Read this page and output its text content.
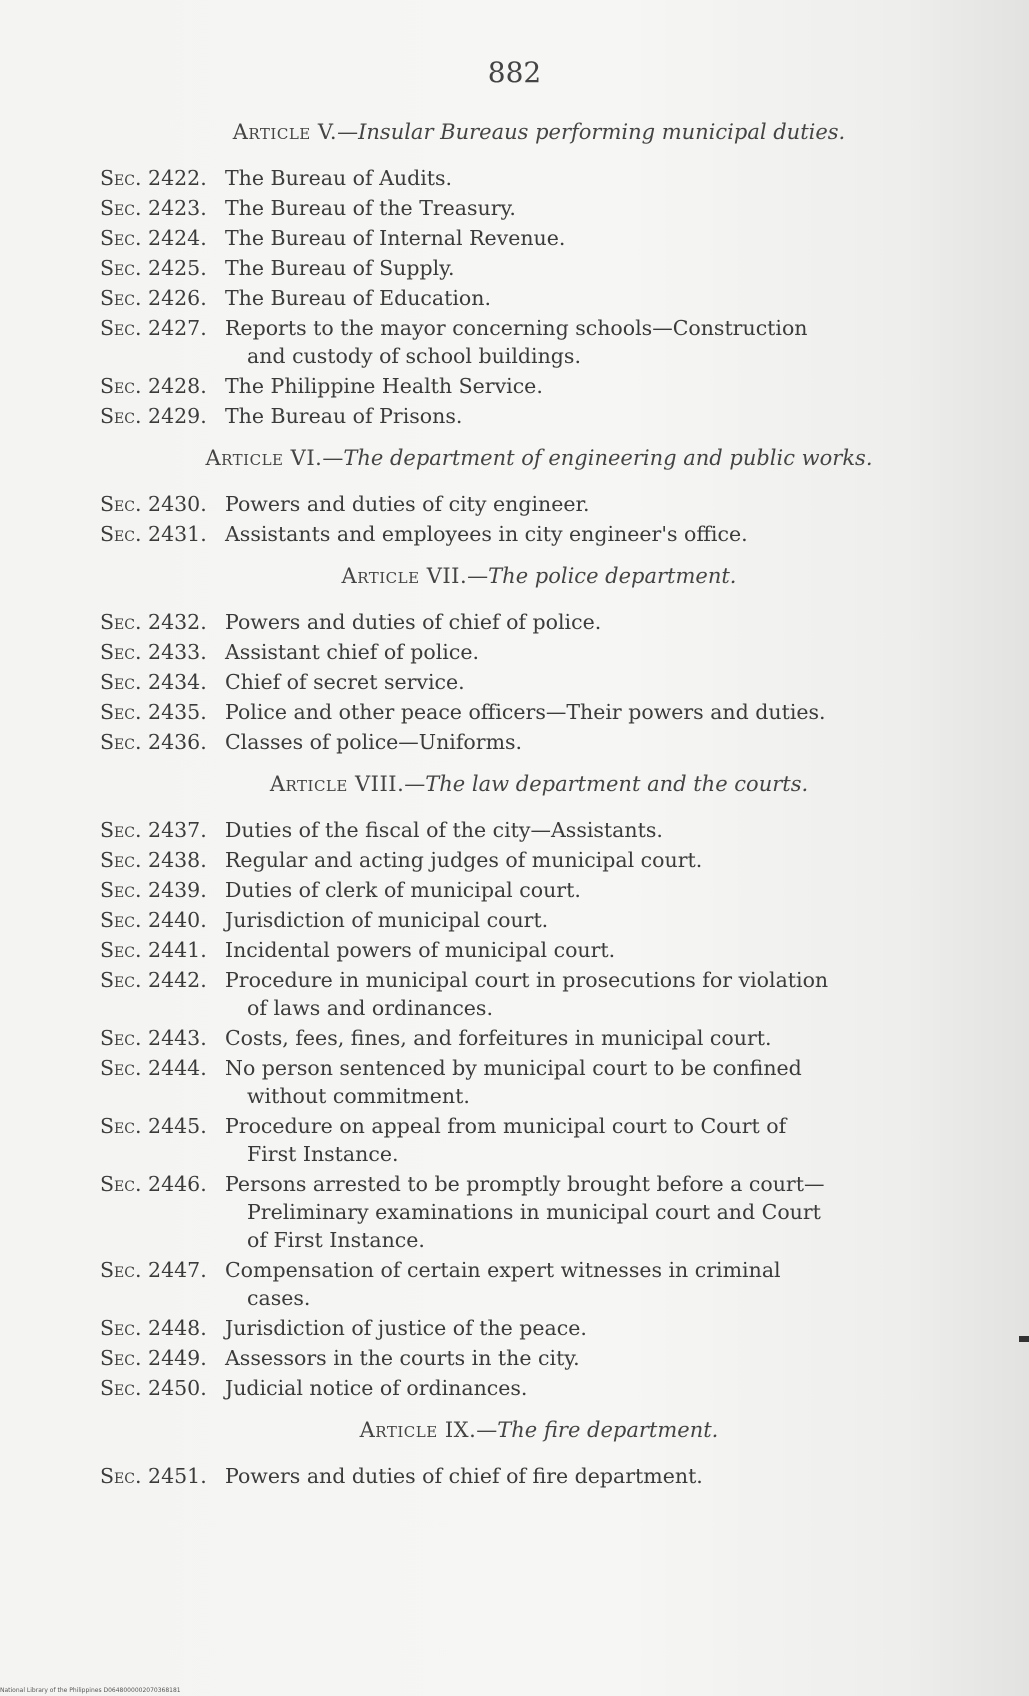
882
Article V.—Insular Bureaus performing municipal duties.
Sec. 2422. The Bureau of Audits.
Sec. 2423. The Bureau of the Treasury.
Sec. 2424. The Bureau of Internal Revenue.
Sec. 2425. The Bureau of Supply.
Sec. 2426. The Bureau of Education.
Sec. 2427. Reports to the mayor concerning schools—Construction
and custody of school buildings.
Sec. 2428. The Philippine Health Service.
Sec. 2429. The Bureau of Prisons.
Article VI.—The department of engineering and public works.
Sec. 2430. Powers and duties of city engineer.
Sec. 2431. Assistants and employees in city engineer's office.
Article VII.—The police department.
Sec. 2432. Powers and duties of chief of police.
Sec. 2433. Assistant chief of police.
Sec. 2434. Chief of secret service.
Sec. 2435. Police and other peace officers—Their powers and duties.
Sec. 2436. Classes of police—Uniforms.
Article VIII.—The law department and the courts.
Sec. 2437. Duties of the fiscal of the city—Assistants.
Sec. 2438. Regular and acting judges of municipal court.
Sec. 2439. Duties of clerk of municipal court.
Sec. 2440. Jurisdiction of municipal court.
Sec. 2441. Incidental powers of municipal court.
Sec. 2442. Procedure in municipal court in prosecutions for violation
of laws and ordinances.
Sec. 2443. Costs, fees, fines, and forfeitures in municipal court.
Sec. 2444. No person sentenced by municipal court to be confined
without commitment.
Sec. 2445. Procedure on appeal from municipal court to Court of
First Instance.
Sec. 2446. Persons arrested to be promptly brought before a court—
Preliminary examinations in municipal court and Court
of First Instance.
Sec. 2447. Compensation of certain expert witnesses in criminal
cases.
Sec. 2448. Jurisdiction of justice of the peace.
Sec. 2449. Assessors in the courts in the city.
Sec. 2450. Judicial notice of ordinances.
Article IX.—The fire department.
Sec. 2451. Powers and duties of chief of fire department.
National Library of the Philippines D0648000002070368181
